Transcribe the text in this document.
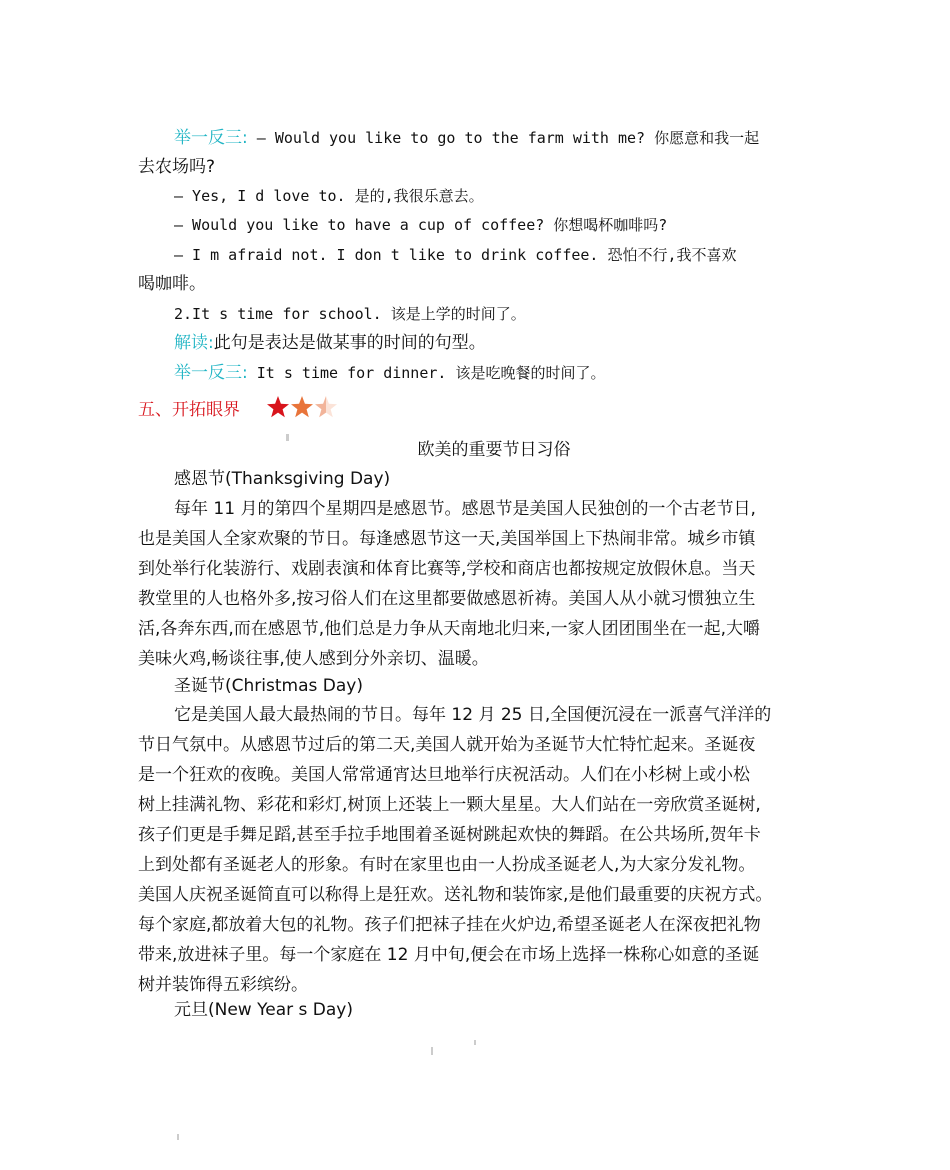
举一反三: — Would you like to go to the farm with me? 你愿意和我一起
去农场吗?
— Yes, I d love to. 是的,我很乐意去。
— Would you like to have a cup of coffee? 你想喝杯咖啡吗?
— I m afraid not. I don t like to drink coffee. 恐怕不行,我不喜欢
喝咖啡。
2.It s time for school. 该是上学的时间了。
解读:此句是表达是做某事的时间的句型。
举一反三: It s time for dinner. 该是吃晚餐的时间了。
五、开拓眼界
欧美的重要节日习俗
感恩节(Thanksgiving Day)
每年 11 月的第四个星期四是感恩节。感恩节是美国人民独创的一个古老节日,
也是美国人全家欢聚的节日。每逢感恩节这一天,美国举国上下热闹非常。城乡市镇
到处举行化装游行、戏剧表演和体育比赛等,学校和商店也都按规定放假休息。当天
教堂里的人也格外多,按习俗人们在这里都要做感恩祈祷。美国人从小就习惯独立生
活,各奔东西,而在感恩节,他们总是力争从天南地北归来,一家人团团围坐在一起,大嚼
美味火鸡,畅谈往事,使人感到分外亲切、温暖。
圣诞节(Christmas Day)
它是美国人最大最热闹的节日。每年 12 月 25 日,全国便沉浸在一派喜气洋洋的
节日气氛中。从感恩节过后的第二天,美国人就开始为圣诞节大忙特忙起来。圣诞夜
是一个狂欢的夜晚。美国人常常通宵达旦地举行庆祝活动。人们在小杉树上或小松
树上挂满礼物、彩花和彩灯,树顶上还装上一颗大星星。大人们站在一旁欣赏圣诞树,
孩子们更是手舞足蹈,甚至手拉手地围着圣诞树跳起欢快的舞蹈。在公共场所,贺年卡
上到处都有圣诞老人的形象。有时在家里也由一人扮成圣诞老人,为大家分发礼物。
美国人庆祝圣诞简直可以称得上是狂欢。送礼物和装饰家,是他们最重要的庆祝方式。
每个家庭,都放着大包的礼物。孩子们把袜子挂在火炉边,希望圣诞老人在深夜把礼物
带来,放进袜子里。每一个家庭在 12 月中旬,便会在市场上选择一株称心如意的圣诞
树并装饰得五彩缤纷。
元旦(New Year s Day)
